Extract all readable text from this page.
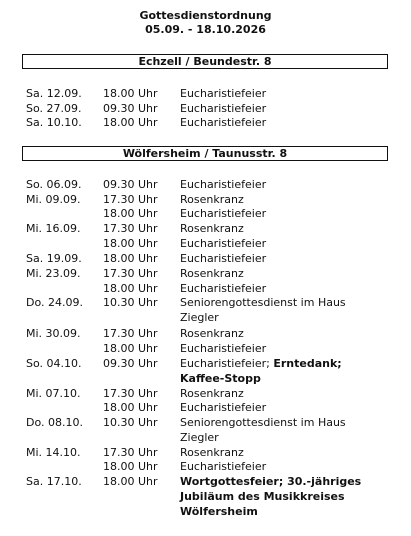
Gottesdienstordnung
05.09. - 18.10.2026
Echzell / Beundestr. 8
Sa. 12.09. 18.00 Uhr Eucharistiefeier
So. 27.09. 09.30 Uhr Eucharistiefeier
Sa. 10.10. 18.00 Uhr Eucharistiefeier
Wölfersheim / Taunusstr. 8
So. 06.09. 09.30 Uhr Eucharistiefeier
Mi. 09.09. 17.30 Uhr Rosenkranz
18.00 Uhr Eucharistiefeier
Mi. 16.09. 17.30 Uhr Rosenkranz
18.00 Uhr Eucharistiefeier
Sa. 19.09. 18.00 Uhr Eucharistiefeier
Mi. 23.09. 17.30 Uhr Rosenkranz
18.00 Uhr Eucharistiefeier
Do. 24.09. 10.30 Uhr Seniorengottesdienst im Haus
Ziegler
Mi. 30.09. 17.30 Uhr Rosenkranz
18.00 Uhr Eucharistiefeier
So. 04.10. 09.30 Uhr Eucharistiefeier; Erntedank;
Kaffee-Stopp
Mi. 07.10. 17.30 Uhr Rosenkranz
18.00 Uhr Eucharistiefeier
Do. 08.10. 10.30 Uhr Seniorengottesdienst im Haus
Ziegler
Mi. 14.10. 17.30 Uhr Rosenkranz
18.00 Uhr Eucharistiefeier
Sa. 17.10. 18.00 Uhr Wortgottesfeier; 30.-jähriges
Jubiläum des Musikkreises
Wölfersheim
